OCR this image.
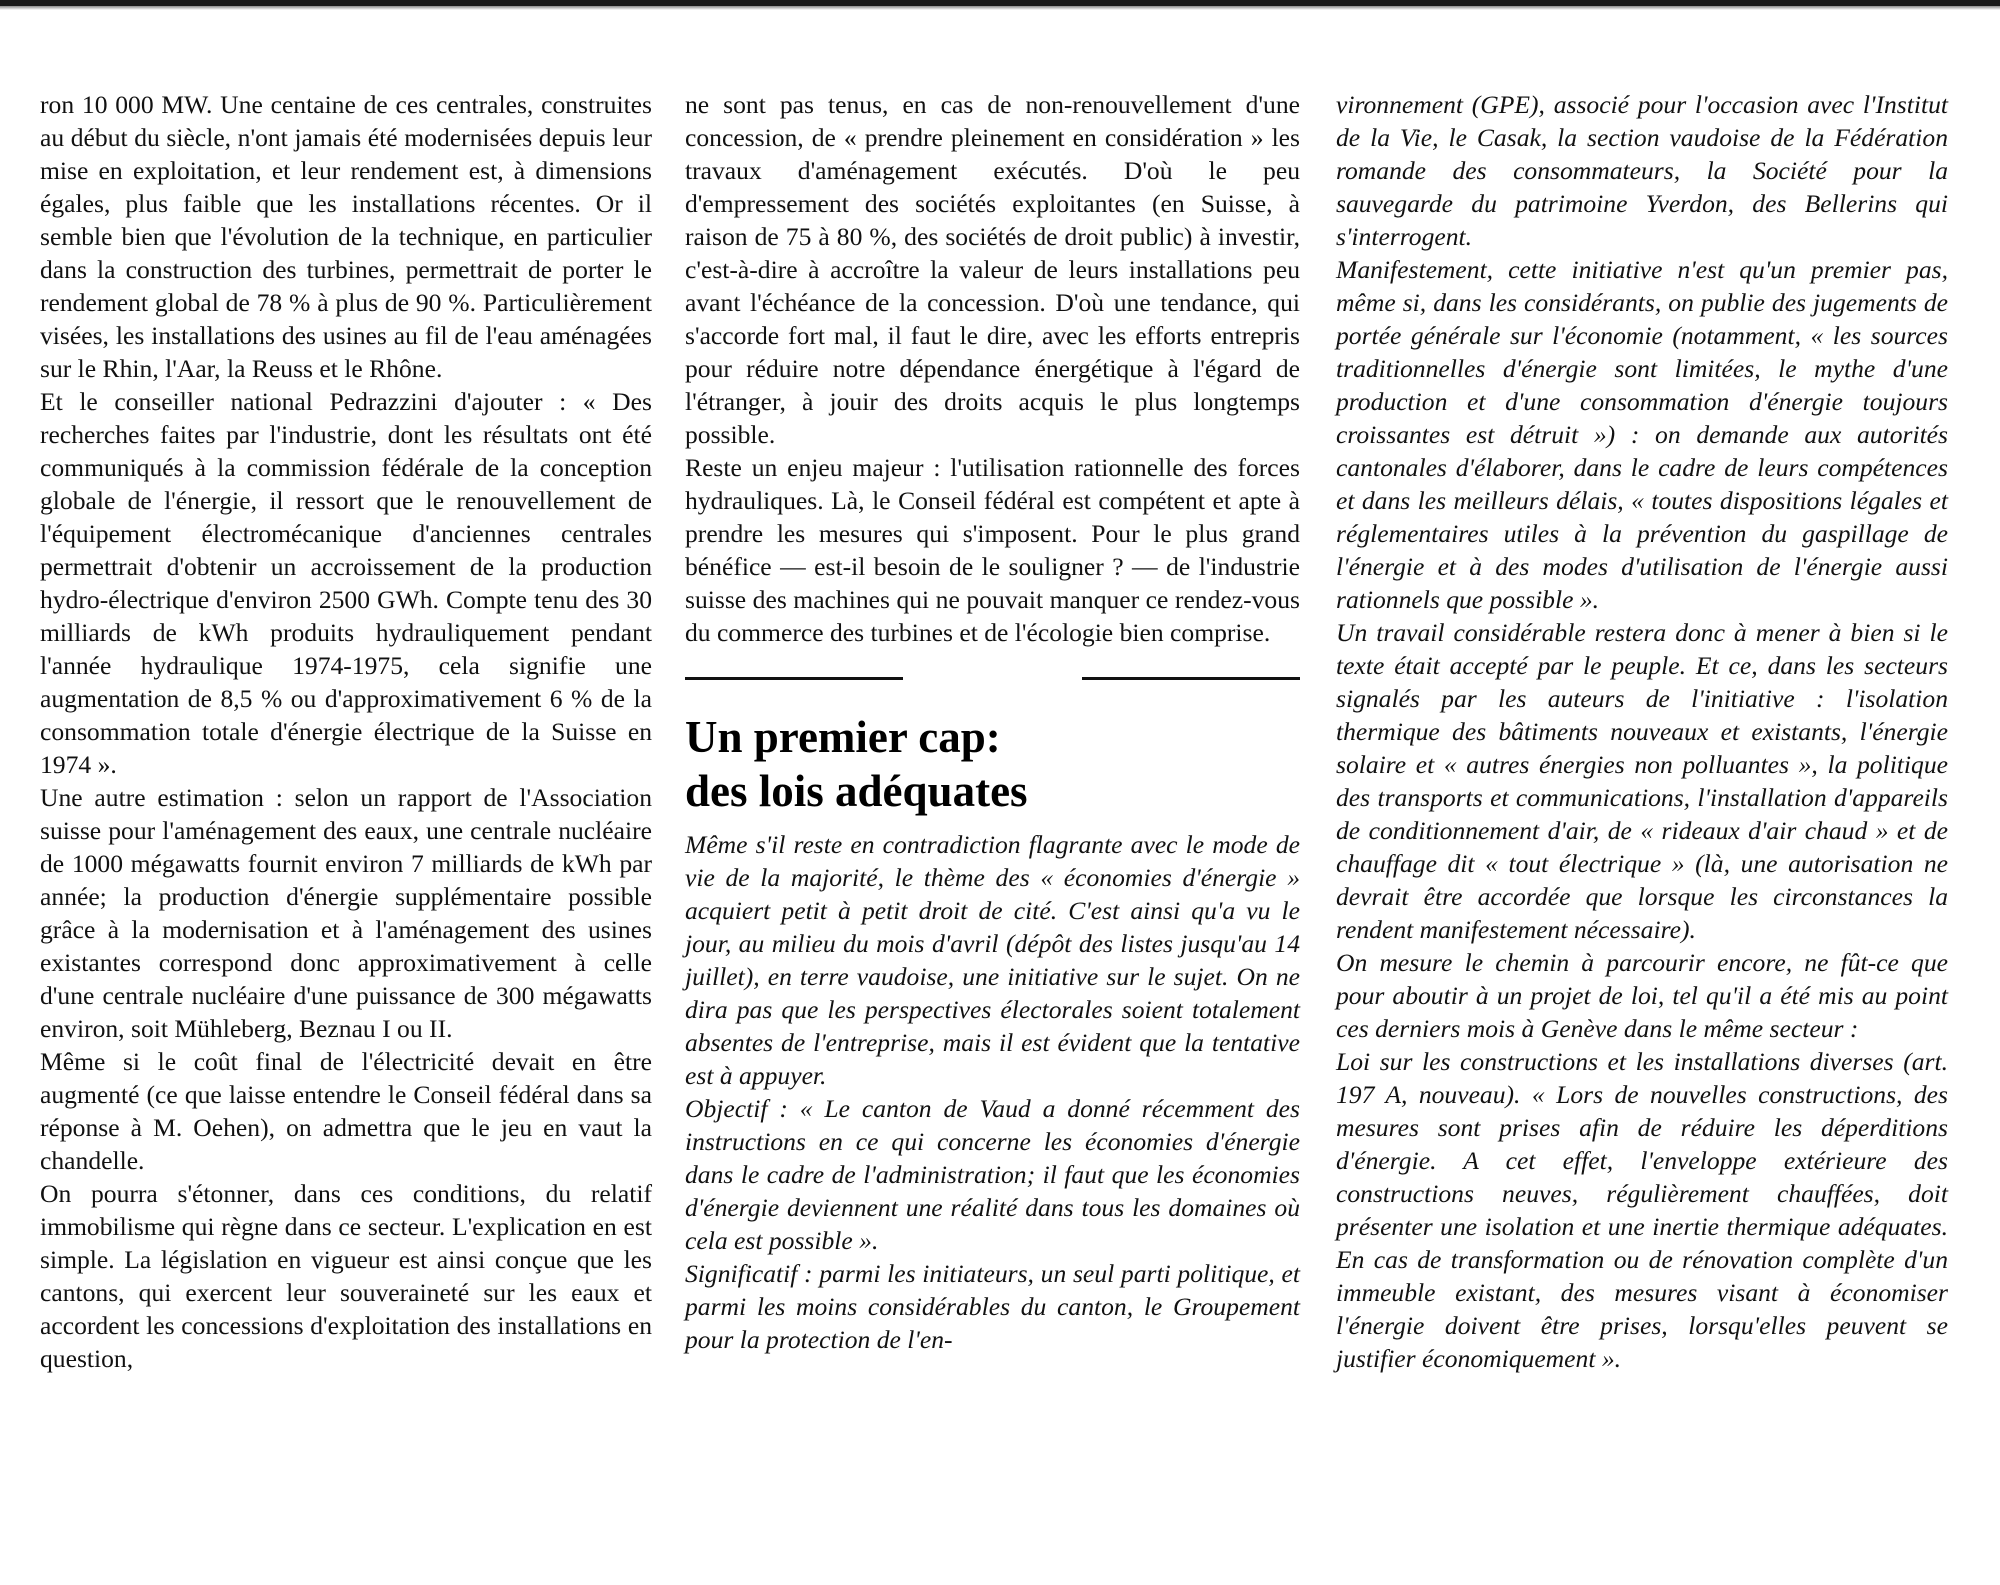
ron 10 000 MW. Une centaine de ces centrales, construites au début du siècle, n'ont jamais été modernisées depuis leur mise en exploitation, et leur rendement est, à dimensions égales, plus faible que les installations récentes. Or il semble bien que l'évolution de la technique, en particulier dans la construction des turbines, permettrait de porter le rendement global de 78 % à plus de 90 %. Particulièrement visées, les installations des usines au fil de l'eau aménagées sur le Rhin, l'Aar, la Reuss et le Rhône.

Et le conseiller national Pedrazzini d'ajouter : « Des recherches faites par l'industrie, dont les résultats ont été communiqués à la commission fédérale de la conception globale de l'énergie, il ressort que le renouvellement de l'équipement électromécanique d'anciennes centrales permettrait d'obtenir un accroissement de la production hydro-électrique d'environ 2500 GWh. Compte tenu des 30 milliards de kWh produits hydrauliquement pendant l'année hydraulique 1974-1975, cela signifie une augmentation de 8,5 % ou d'approximativement 6 % de la consommation totale d'énergie électrique de la Suisse en 1974 ».

Une autre estimation : selon un rapport de l'Association suisse pour l'aménagement des eaux, une centrale nucléaire de 1000 mégawatts fournit environ 7 milliards de kWh par année; la production d'énergie supplémentaire possible grâce à la modernisation et à l'aménagement des usines existantes correspond donc approximativement à celle d'une centrale nucléaire d'une puissance de 300 mégawatts environ, soit Mühleberg, Beznau I ou II.

Même si le coût final de l'électricité devait en être augmenté (ce que laisse entendre le Conseil fédéral dans sa réponse à M. Oehen), on admettra que le jeu en vaut la chandelle.

On pourra s'étonner, dans ces conditions, du relatif immobilisme qui règne dans ce secteur. L'explication en est simple. La législation en vigueur est ainsi conçue que les cantons, qui exercent leur souveraineté sur les eaux et accordent les concessions d'exploitation des installations en question,

ne sont pas tenus, en cas de non-renouvellement d'une concession, de « prendre pleinement en considération » les travaux d'aménagement exécutés. D'où le peu d'empressement des sociétés exploitantes (en Suisse, à raison de 75 à 80 %, des sociétés de droit public) à investir, c'est-à-dire à accroître la valeur de leurs installations peu avant l'échéance de la concession. D'où une tendance, qui s'accorde fort mal, il faut le dire, avec les efforts entrepris pour réduire notre dépendance énergétique à l'égard de l'étranger, à jouir des droits acquis le plus longtemps possible.

Reste un enjeu majeur : l'utilisation rationnelle des forces hydrauliques. Là, le Conseil fédéral est compétent et apte à prendre les mesures qui s'imposent. Pour le plus grand bénéfice — est-il besoin de le souligner ? — de l'industrie suisse des machines qui ne pouvait manquer ce rendez-vous du commerce des turbines et de l'écologie bien comprise.

Un premier cap:
des lois adéquates

Même s'il reste en contradiction flagrante avec le mode de vie de la majorité, le thème des « économies d'énergie » acquiert petit à petit droit de cité. C'est ainsi qu'a vu le jour, au milieu du mois d'avril (dépôt des listes jusqu'au 14 juillet), en terre vaudoise, une initiative sur le sujet. On ne dira pas que les perspectives électorales soient totalement absentes de l'entreprise, mais il est évident que la tentative est à appuyer.

Objectif : « Le canton de Vaud a donné récemment des instructions en ce qui concerne les économies d'énergie dans le cadre de l'administration; il faut que les économies d'énergie deviennent une réalité dans tous les domaines où cela est possible ».

Significatif : parmi les initiateurs, un seul parti politique, et parmi les moins considérables du canton, le Groupement pour la protection de l'en-

vironnement (GPE), associé pour l'occasion avec l'Institut de la Vie, le Casak, la section vaudoise de la Fédération romande des consommateurs, la Société pour la sauvegarde du patrimoine Yverdon, des Bellerins qui s'interrogent.

Manifestement, cette initiative n'est qu'un premier pas, même si, dans les considérants, on publie des jugements de portée générale sur l'économie (notamment, « les sources traditionnelles d'énergie sont limitées, le mythe d'une production et d'une consommation d'énergie toujours croissantes est détruit ») : on demande aux autorités cantonales d'élaborer, dans le cadre de leurs compétences et dans les meilleurs délais, « toutes dispositions légales et réglementaires utiles à la prévention du gaspillage de l'énergie et à des modes d'utilisation de l'énergie aussi rationnels que possible ».

Un travail considérable restera donc à mener à bien si le texte était accepté par le peuple. Et ce, dans les secteurs signalés par les auteurs de l'initiative : l'isolation thermique des bâtiments nouveaux et existants, l'énergie solaire et « autres énergies non polluantes », la politique des transports et communications, l'installation d'appareils de conditionnement d'air, de « rideaux d'air chaud » et de chauffage dit « tout électrique » (là, une autorisation ne devrait être accordée que lorsque les circonstances la rendent manifestement nécessaire).

On mesure le chemin à parcourir encore, ne fût-ce que pour aboutir à un projet de loi, tel qu'il a été mis au point ces derniers mois à Genève dans le même secteur :

Loi sur les constructions et les installations diverses (art. 197 A, nouveau). « Lors de nouvelles constructions, des mesures sont prises afin de réduire les déperditions d'énergie. A cet effet, l'enveloppe extérieure des constructions neuves, régulièrement chauffées, doit présenter une isolation et une inertie thermique adéquates. En cas de transformation ou de rénovation complète d'un immeuble existant, des mesures visant à économiser l'énergie doivent être prises, lorsqu'elles peuvent se justifier économiquement ».
